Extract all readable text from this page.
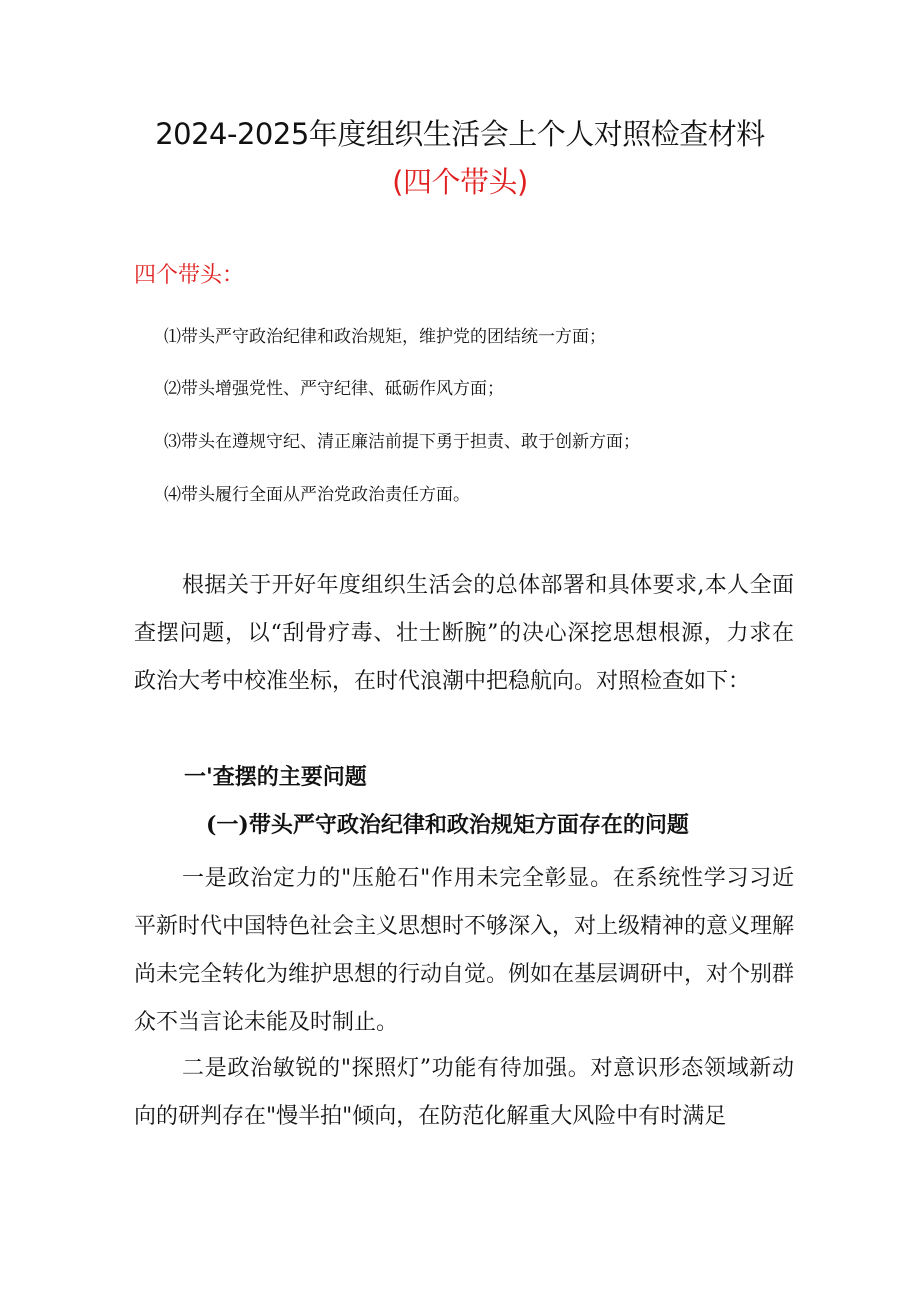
2024-2025年度组织生活会上个人对照检查材料
(四个带头)
四个带头：
⑴带头严守政治纪律和政治规矩，维护党的团结统一方面；
⑵带头增强党性、严守纪律、砥砺作风方面；
⑶带头在遵规守纪、清正廉洁前提下勇于担责、敢于创新方面；
⑷带头履行全面从严治党政治责任方面。
根据关于开好年度组织生活会的总体部署和具体要求,本人全面查摆问题，以“刮骨疗毒、壮士断腕”的决心深挖思想根源，力求在政治大考中校准坐标，在时代浪潮中把稳航向。对照检查如下：
一'查摆的主要问题
(一)带头严守政治纪律和政治规矩方面存在的问题
一是政治定力的"压舱石"作用未完全彰显。在系统性学习习近平新时代中国特色社会主义思想时不够深入，对上级精神的意义理解尚未完全转化为维护思想的行动自觉。例如在基层调研中，对个别群众不当言论未能及时制止。
二是政治敏锐的"探照灯”功能有待加强。对意识形态领域新动向的研判存在"慢半拍"倾向，在防范化解重大风险中有时满足
